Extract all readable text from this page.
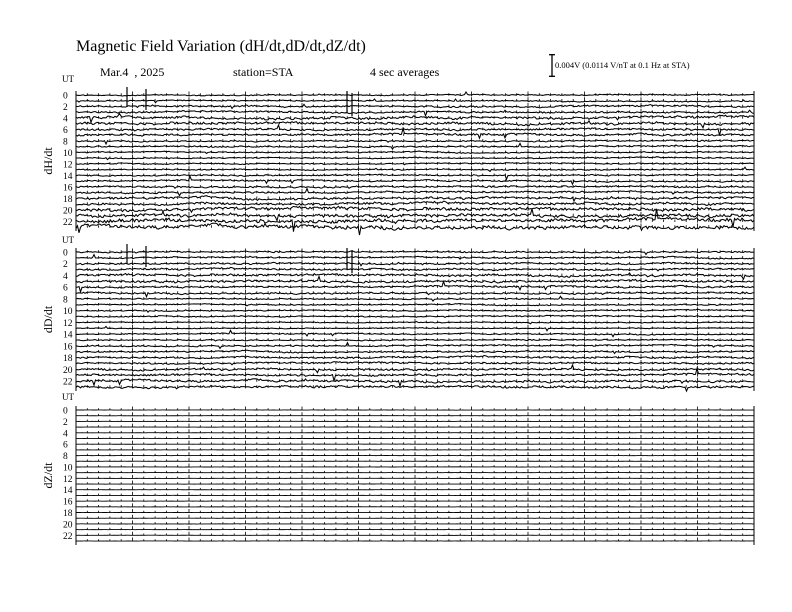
Magnetic Field Variation (dH/dt,dD/dt,dZ/dt)
Mar.4  , 2025	station=STA	4 sec averages	0.004V (0.0114 V/nT at 0.1 Hz at STA)
UT
dH/dt
0
2
4
6
8
10
12
14
16
18
20
22
UT
dD/dt
0
2
4
6
8
10
12
14
16
18
20
22
UT
dZ/dt
0
2
4
6
8
10
12
14
16
18
20
22
